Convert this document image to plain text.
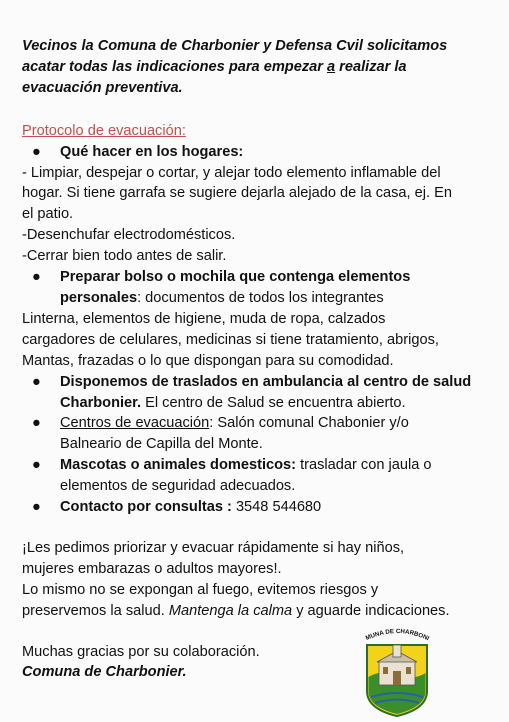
Vecinos la Comuna de Charbonier y Defensa Cvil solicitamos
acatar todas las indicaciones para empezar a realizar la
evacuación preventiva.
Protocolo de evacuación:
● Qué hacer en los hogares:
- Limpiar, despejar o cortar, y alejar todo elemento inflamable del
hogar. Si tiene garrafa se sugiere dejarla alejado de la casa, ej. En
el patio.
-Desenchufar electrodomésticos.
-Cerrar bien todo antes de salir.
● Preparar bolso o mochila que contenga elementos
personales: documentos de todos los integrantes
Linterna, elementos de higiene, muda de ropa, calzados
cargadores de celulares, medicinas si tiene tratamiento, abrigos,
Mantas, frazadas o lo que dispongan para su comodidad.
● Disponemos de traslados en ambulancia al centro de salud
Charbonier. El centro de Salud se encuentra abierto.
● Centros de evacuación: Salón comunal Chabonier y/o
Balneario de Capilla del Monte.
● Mascotas o animales domesticos: trasladar con jaula o
elementos de seguridad adecuados.
● Contacto por consultas : 3548 544680
¡Les pedimos priorizar y evacuar rápidamente si hay niños,
mujeres embarazas o adultos mayores!.
Lo mismo no se expongan al fuego, evitemos riesgos y
preservemos la salud. Mantenga la calma y aguarde indicaciones.
Muchas gracias por su colaboración.
Comuna de Charbonier.
MUNA DE CHARBONI
